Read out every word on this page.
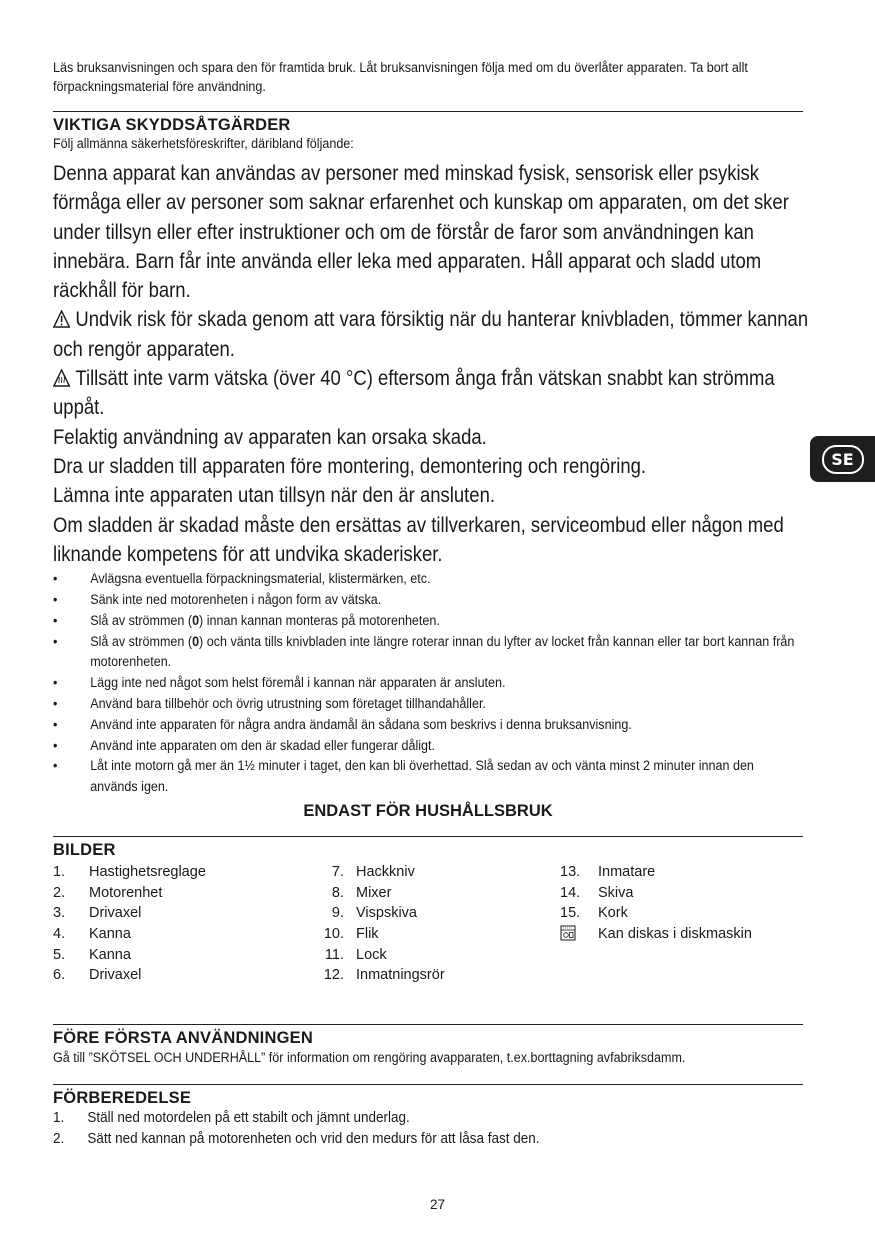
Läs bruksanvisningen och spara den för framtida bruk. Låt bruksanvisningen följa med om du överlåter apparaten. Ta bort allt förpackningsmaterial före användning.

VIKTIGA SKYDDSÅTGÄRDER

Följ allmänna säkerhetsföreskrifter, däribland följande:

Denna apparat kan användas av personer med minskad fysisk, sensorisk eller psykisk förmåga eller av personer som saknar erfarenhet och kunskap om apparaten, om det sker under tillsyn eller efter instruktioner och om de förstår de faror som användningen kan innebära. Barn får inte använda eller leka med apparaten. Håll apparat och sladd utom räckhåll för barn.
Undvik risk för skada genom att vara försiktig när du hanterar knivbladen, tömmer kannan och rengör apparaten.
Tillsätt inte varm vätska (över 40 °C) eftersom ånga från vätskan snabbt kan strömma uppåt.
Felaktig användning av apparaten kan orsaka skada.
Dra ur sladden till apparaten före montering, demontering och rengöring.
Lämna inte apparaten utan tillsyn när den är ansluten.
Om sladden är skadad måste den ersättas av tillverkaren, serviceombud eller någon med liknande kompetens för att undvika skaderisker.
• Avlägsna eventuella förpackningsmaterial, klistermärken, etc.
• Sänk inte ned motorenheten i någon form av vätska.
• Slå av strömmen (0) innan kannan monteras på motorenheten.
• Slå av strömmen (0) och vänta tills knivbladen inte längre roterar innan du lyfter av locket från kannan eller tar bort kannan från motorenheten.
• Lägg inte ned något som helst föremål i kannan när apparaten är ansluten.
• Använd bara tillbehör och övrig utrustning som företaget tillhandahåller.
• Använd inte apparaten för några andra ändamål än sådana som beskrivs i denna bruksanvisning.
• Använd inte apparaten om den är skadad eller fungerar dåligt.
• Låt inte motorn gå mer än 1½ minuter i taget, den kan bli överhettad. Slå sedan av och vänta minst 2 minuter innan den används igen.
ENDAST FÖR HUSHÅLLSBRUK
BILDER
1.	Hastighetsreglage
2.	Motorenhet
3.	Drivaxel
4.	Kanna
5.	Kanna
6.	Drivaxel
7. Hackkniv
8. Mixer
9. Vispskiva
10. Flik
11. Lock
12. Inmatningsrör
13.	Inmatare
14.	Skiva
15.	Kork
Kan diskas i diskmaskin
FÖRE FÖRSTA ANVÄNDNINGEN

Gå till ”SKÖTSEL OCH UNDERHÅLL” för information om rengöring avapparaten, t.ex.borttagning avfabriksdamm.

FÖRBEREDELSE
1.	Ställ ned motordelen på ett stabilt och jämnt underlag.
2.	Sätt ned kannan på motorenheten och vrid den medurs för att låsa fast den.
SE
27
